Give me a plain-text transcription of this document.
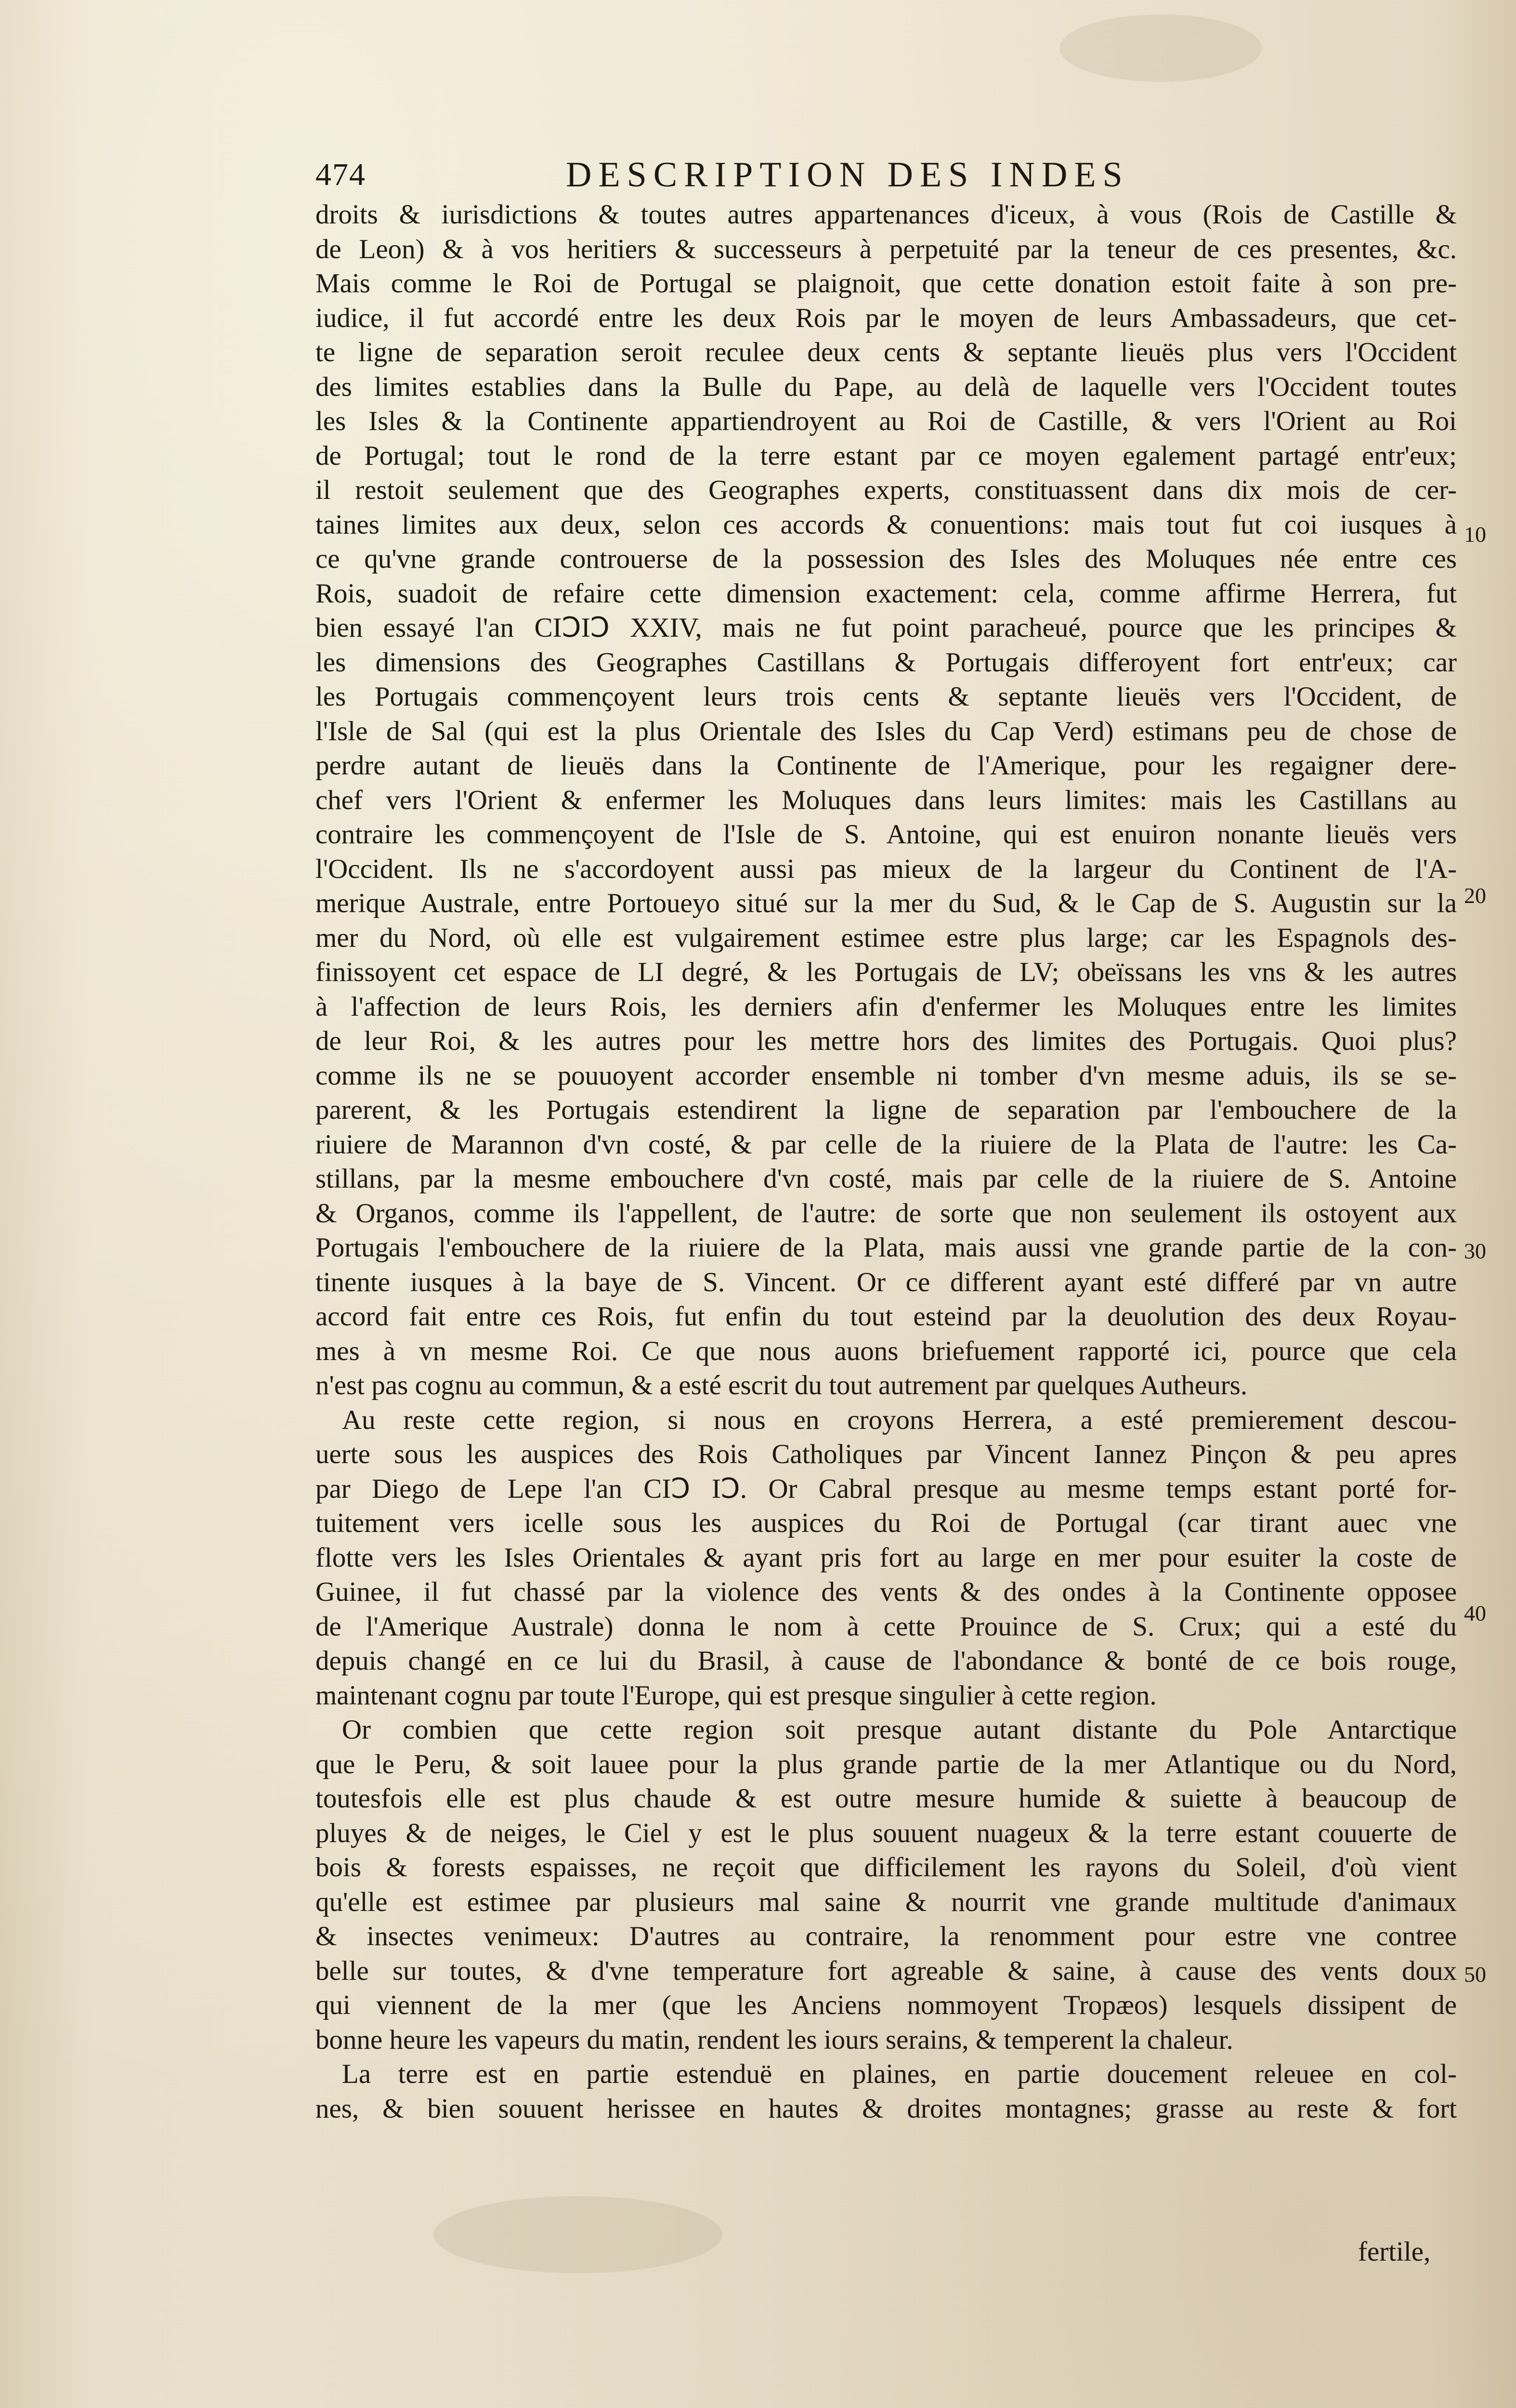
474	DESCRIPTION DES INDES
droits & iurisdictions & toutes autres appartenances d'iceux, à vous (Rois de Castille &
de Leon) & à vos heritiers & successeurs à perpetuité par la teneur de ces presentes, &c.
Mais comme le Roi de Portugal se plaignoit, que cette donation estoit faite à son pre-
iudice, il fut accordé entre les deux Rois par le moyen de leurs Ambassadeurs, que cet-
te ligne de separation seroit reculee deux cents & septante lieuës plus vers l'Occident
des limites establies dans la Bulle du Pape, au delà de laquelle vers l'Occident toutes
les Isles & la Continente appartiendroyent au Roi de Castille, & vers l'Orient au Roi
de Portugal; tout le rond de la terre estant par ce moyen egalement partagé entr'eux;
il restoit seulement que des Geographes experts, constituassent dans dix mois de cer-
taines limites aux deux, selon ces accords & conuentions: mais tout fut coi iusques à
ce qu'vne grande controuerse de la possession des Isles des Moluques née entre ces
Rois, suadoit de refaire cette dimension exactement: cela, comme affirme Herrera, fut
bien essayé l'an CIↃIↃ XXIV, mais ne fut point paracheué, pource que les principes &
les dimensions des Geographes Castillans & Portugais differoyent fort entr'eux; car
les Portugais commençoyent leurs trois cents & septante lieuës vers l'Occident, de
l'Isle de Sal (qui est la plus Orientale des Isles du Cap Verd) estimans peu de chose de
perdre autant de lieuës dans la Continente de l'Amerique, pour les regaigner dere-
chef vers l'Orient & enfermer les Moluques dans leurs limites: mais les Castillans au
contraire les commençoyent de l'Isle de S. Antoine, qui est enuiron nonante lieuës vers
l'Occident. Ils ne s'accordoyent aussi pas mieux de la largeur du Continent de l'A-
merique Australe, entre Portoueyo situé sur la mer du Sud, & le Cap de S. Augustin sur la
mer du Nord, où elle est vulgairement estimee estre plus large; car les Espagnols des-
finissoyent cet espace de LI degré, & les Portugais de LV; obeïssans les vns & les autres
à l'affection de leurs Rois, les derniers afin d'enfermer les Moluques entre les limites
de leur Roi, & les autres pour les mettre hors des limites des Portugais. Quoi plus?
comme ils ne se pouuoyent accorder ensemble ni tomber d'vn mesme aduis, ils se se-
parerent, & les Portugais estendirent la ligne de separation par l'embouchere de la
riuiere de Marannon d'vn costé, & par celle de la riuiere de la Plata de l'autre: les Ca-
stillans, par la mesme embouchere d'vn costé, mais par celle de la riuiere de S. Antoine
& Organos, comme ils l'appellent, de l'autre: de sorte que non seulement ils ostoyent aux
Portugais l'embouchere de la riuiere de la Plata, mais aussi vne grande partie de la con-
tinente iusques à la baye de S. Vincent. Or ce different ayant esté differé par vn autre
accord fait entre ces Rois, fut enfin du tout esteind par la deuolution des deux Royau-
mes à vn mesme Roi. Ce que nous auons briefuement rapporté ici, pource que cela
n'est pas cognu au commun, & a esté escrit du tout autrement par quelques Autheurs.
Au reste cette region, si nous en croyons Herrera, a esté premierement descou-
uerte sous les auspices des Rois Catholiques par Vincent Iannez Pinçon & peu apres
par Diego de Lepe l'an CIↃ IↃ. Or Cabral presque au mesme temps estant porté for-
tuitement vers icelle sous les auspices du Roi de Portugal (car tirant auec vne
flotte vers les Isles Orientales & ayant pris fort au large en mer pour esuiter la coste de
Guinee, il fut chassé par la violence des vents & des ondes à la Continente opposee
de l'Amerique Australe) donna le nom à cette Prouince de S. Crux; qui a esté du
depuis changé en ce lui du Brasil, à cause de l'abondance & bonté de ce bois rouge,
maintenant cognu par toute l'Europe, qui est presque singulier à cette region.
Or combien que cette region soit presque autant distante du Pole Antarctique
que le Peru, & soit lauee pour la plus grande partie de la mer Atlantique ou du Nord,
toutesfois elle est plus chaude & est outre mesure humide & suiette à beaucoup de
pluyes & de neiges, le Ciel y est le plus souuent nuageux & la terre estant couuerte de
bois & forests espaisses, ne reçoit que difficilement les rayons du Soleil, d'où vient
qu'elle est estimee par plusieurs mal saine & nourrit vne grande multitude d'animaux
& insectes venimeux: D'autres au contraire, la renomment pour estre vne contree
belle sur toutes, & d'vne temperature fort agreable & saine, à cause des vents doux
qui viennent de la mer (que les Anciens nommoyent Tropæos) lesquels dissipent de
bonne heure les vapeurs du matin, rendent les iours serains, & temperent la chaleur.
La terre est en partie estenduë en plaines, en partie doucement releuee en col-
nes, & bien souuent herissee en hautes & droites montagnes; grasse au reste & fort
10
20
30
40
50
fertile,
